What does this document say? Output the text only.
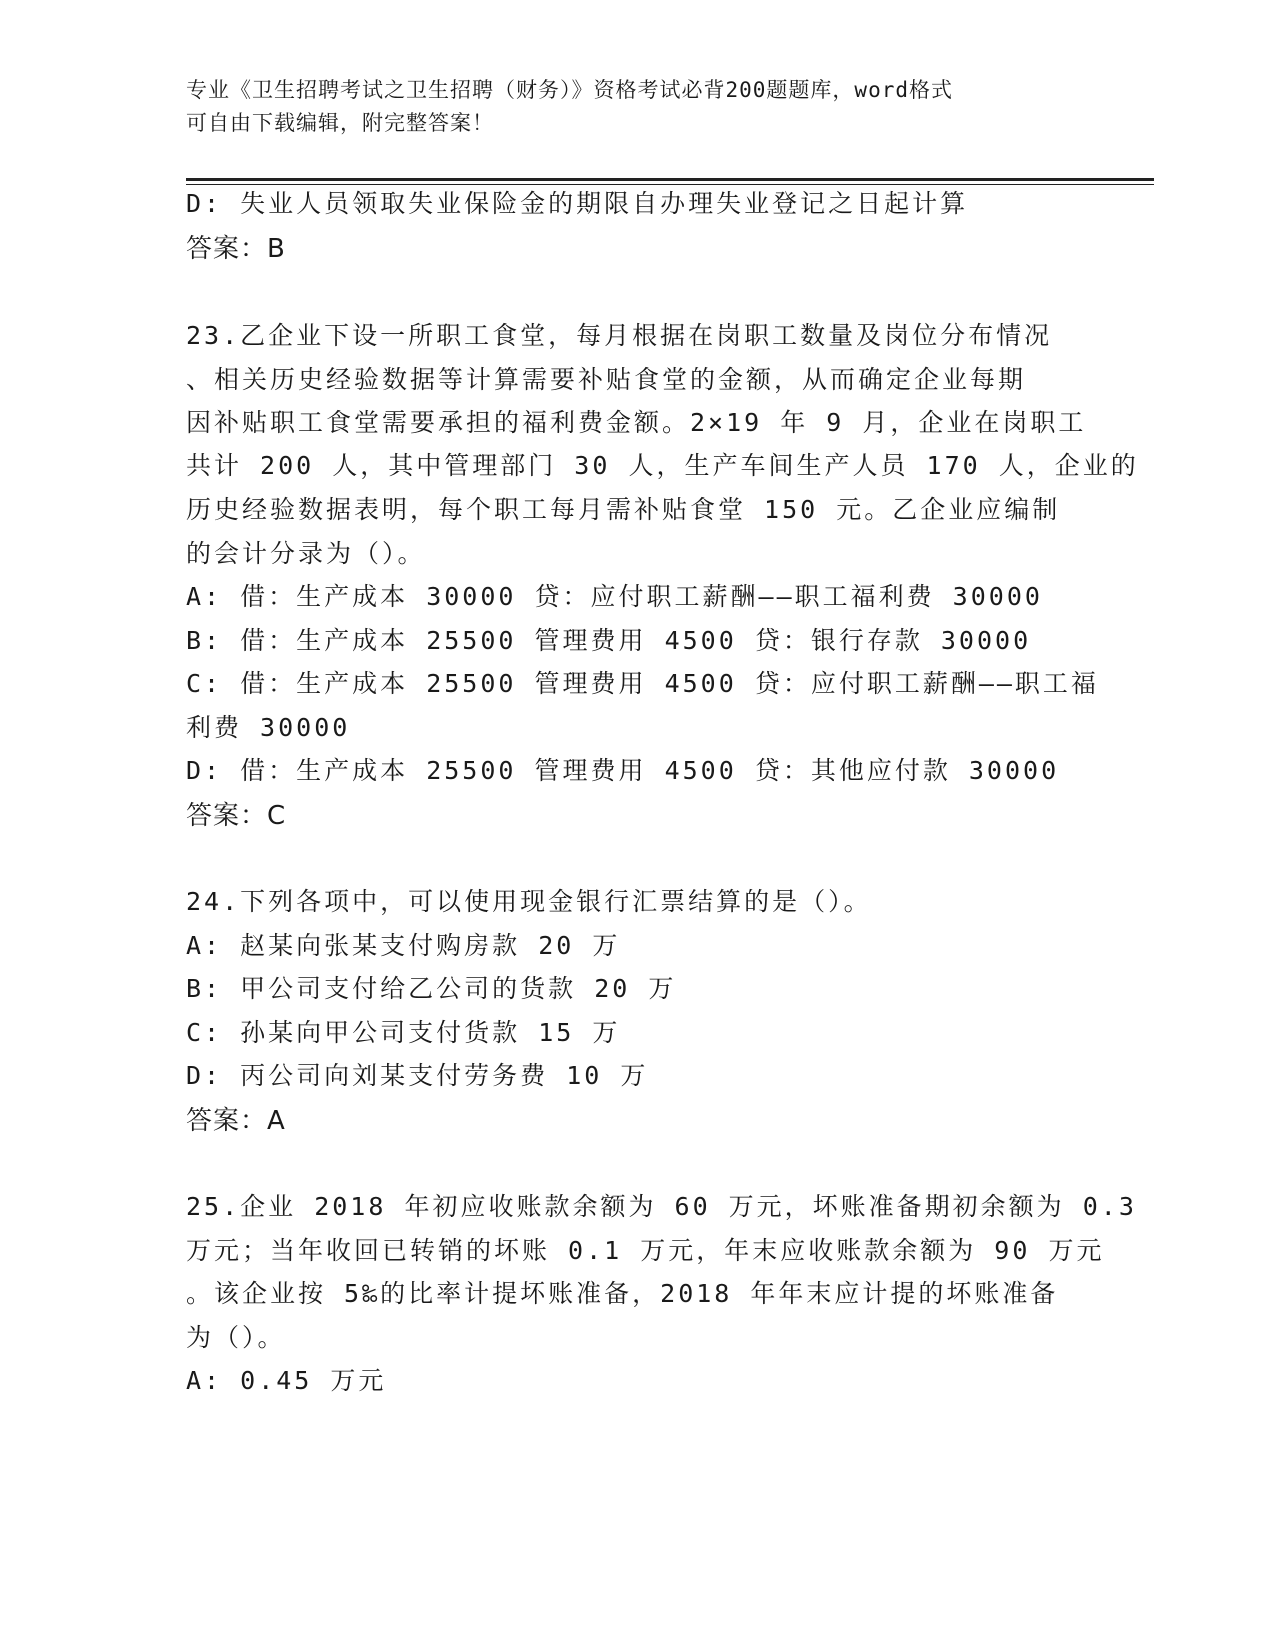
专业《卫生招聘考试之卫生招聘（财务）》资格考试必背200题题库，word格式
可自由下载编辑，附完整答案！
D: 失业人员领取失业保险金的期限自办理失业登记之日起计算
答案：B
23.乙企业下设一所职工食堂，每月根据在岗职工数量及岗位分布情况
、相关历史经验数据等计算需要补贴食堂的金额，从而确定企业每期
因补贴职工食堂需要承担的福利费金额。2×19 年 9 月，企业在岗职工
共计 200 人，其中管理部门 30 人，生产车间生产人员 170 人，企业的
历史经验数据表明，每个职工每月需补贴食堂 150 元。乙企业应编制
的会计分录为（）。
A: 借：生产成本 30000 贷：应付职工薪酬——职工福利费 30000
B: 借：生产成本 25500 管理费用 4500 贷：银行存款 30000
C: 借：生产成本 25500 管理费用 4500 贷：应付职工薪酬——职工福
利费 30000
D: 借：生产成本 25500 管理费用 4500 贷：其他应付款 30000
答案：C
24.下列各项中，可以使用现金银行汇票结算的是（）。
A: 赵某向张某支付购房款 20 万
B: 甲公司支付给乙公司的货款 20 万
C: 孙某向甲公司支付货款 15 万
D: 丙公司向刘某支付劳务费 10 万
答案：A
25.企业 2018 年初应收账款余额为 60 万元，坏账准备期初余额为 0.3
万元；当年收回已转销的坏账 0.1 万元，年末应收账款余额为 90 万元
。该企业按 5‰的比率计提坏账准备，2018 年年末应计提的坏账准备
为（）。
A: 0.45 万元
